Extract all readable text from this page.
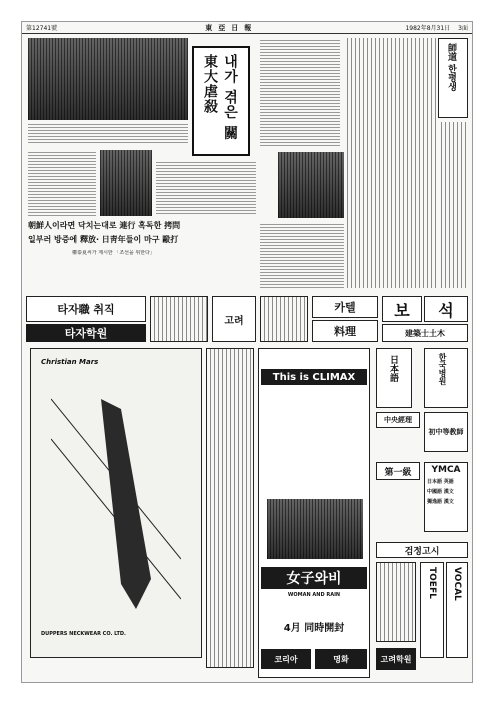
第12741號	東亞日報	1982年8月31日 3面
내가 겪은 關東大虐殺
朝鮮人이라면 닥치는대로 連行 혹독한 拷問
일부러 방증에 釋放· 日靑年들이 마구 毆打
權泰夏씨가 제시한 「조선을 위한다」
師道 한평생
타자職 취직
타자학원
고려
카텔
料理
보	석
建築士土木
Christian Mars
DUPPERS NECKWEAR CO. LTD.
This is CLIMAX
女子와비
WOMAN AND RAIN
4月 同時開封
코리아	명화
日本語
中央經理
한국병원
初中等教師
第一級	YMCA
日本語 英語
中國語 漢文
獨逸語 漢文
검정고시
TOEFL VOCAL
고려학원
